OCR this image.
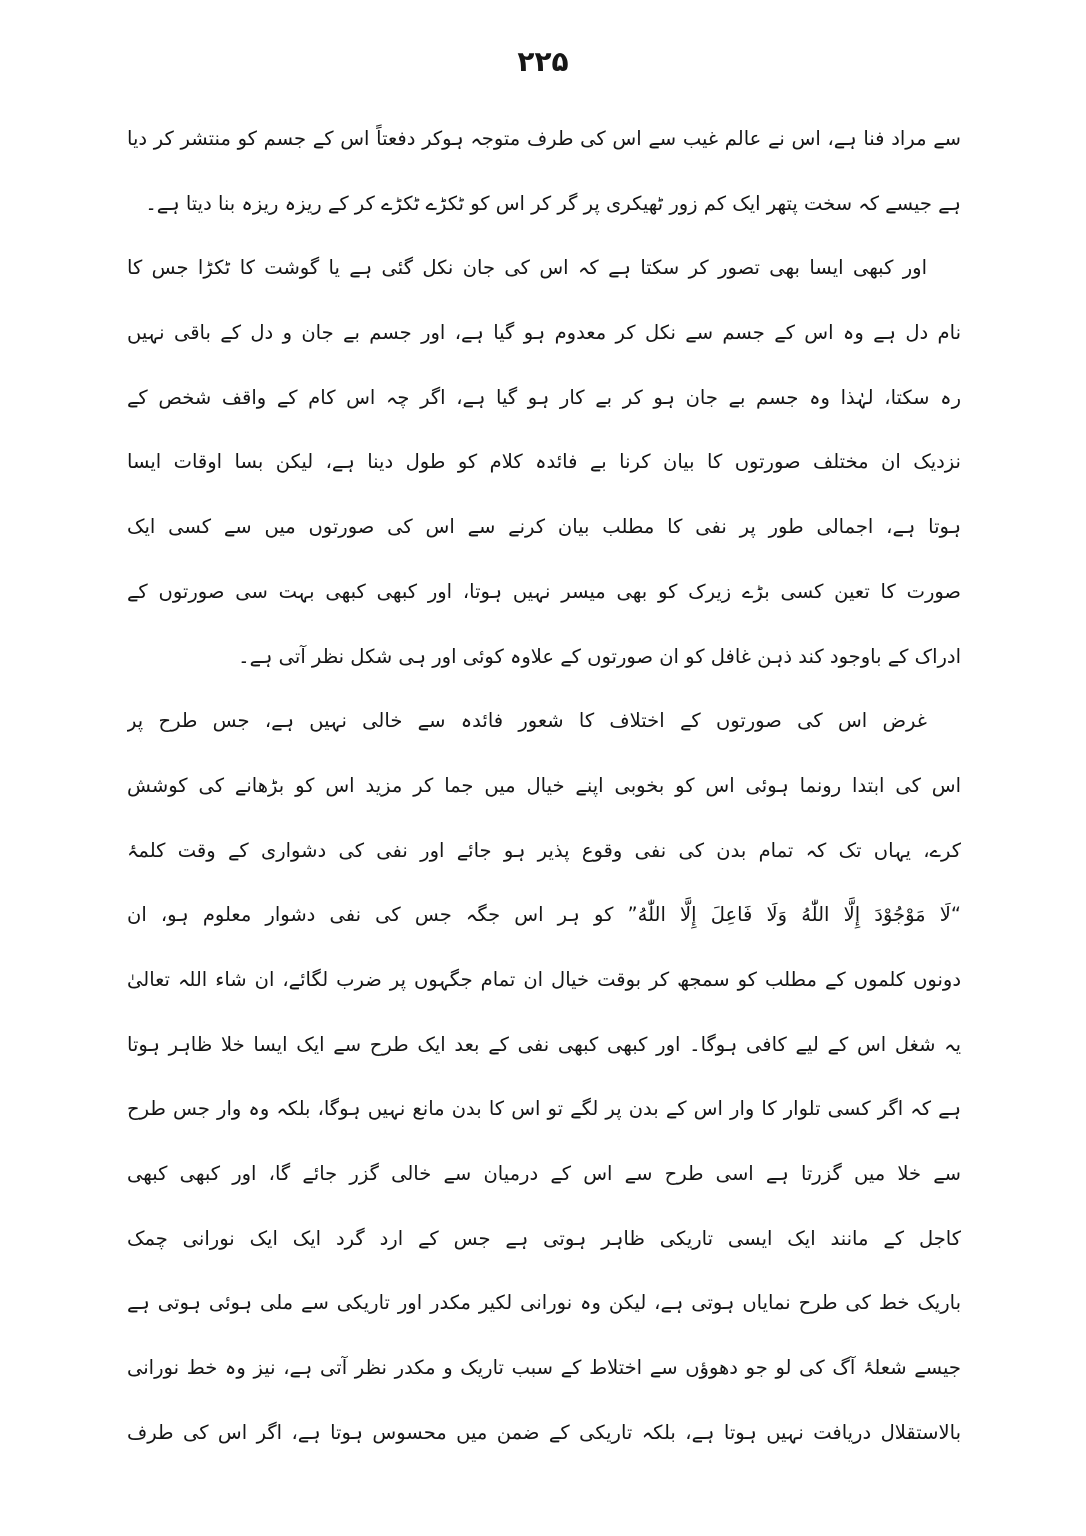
۲۲۵
سے مراد فنا ہے، اس نے عالم غیب سے اس کی طرف متوجہ ہوکر دفعتاً اس کے جسم کو منتشر کر دیا
ہے جیسے کہ سخت پتھر ایک کم زور ٹھیکری پر گر کر اس کو ٹکڑے ٹکڑے کر کے ریزہ ریزہ بنا دیتا ہے۔
اور کبھی ایسا بھی تصور کر سکتا ہے کہ اس کی جان نکل گئی ہے یا گوشت کا ٹکڑا جس کا
نام دل ہے وہ اس کے جسم سے نکل کر معدوم ہو گیا ہے، اور جسم بے جان و دل کے باقی نہیں
رہ سکتا، لہٰذا وہ جسم بے جان ہو کر بے کار ہو گیا ہے، اگر چہ اس کام کے واقف شخص کے
نزدیک ان مختلف صورتوں کا بیان کرنا بے فائدہ کلام کو طول دینا ہے، لیکن بسا اوقات ایسا
ہوتا ہے، اجمالی طور پر نفی کا مطلب بیان کرنے سے اس کی صورتوں میں سے کسی ایک
صورت کا تعین کسی بڑے زیرک کو بھی میسر نہیں ہوتا، اور کبھی کبھی بہت سی صورتوں کے
ادراک کے باوجود کند ذہن غافل کو ان صورتوں کے علاوہ کوئی اور ہی شکل نظر آتی ہے۔
غرض اس کی صورتوں کے اختلاف کا شعور فائدہ سے خالی نہیں ہے، جس طرح پر
اس کی ابتدا رونما ہوئی اس کو بخوبی اپنے خیال میں جما کر مزید اس کو بڑھانے کی کوشش
کرے، یہاں تک کہ تمام بدن کی نفی وقوع پذیر ہو جائے اور نفی کی دشواری کے وقت کلمۂ
“لَا مَوْجُوْدَ إِلَّا اللّٰهُ وَلَا فَاعِلَ إِلَّا اللّٰهُ” کو ہر اس جگہ جس کی نفی دشوار معلوم ہو، ان
دونوں کلموں کے مطلب کو سمجھ کر بوقت خیال ان تمام جگہوں پر ضرب لگائے، ان شاء اللہ تعالیٰ
یہ شغل اس کے لیے کافی ہوگا۔ اور کبھی کبھی نفی کے بعد ایک طرح سے ایک ایسا خلا ظاہر ہوتا
ہے کہ اگر کسی تلوار کا وار اس کے بدن پر لگے تو اس کا بدن مانع نہیں ہوگا، بلکہ وہ وار جس طرح
سے خلا میں گزرتا ہے اسی طرح سے اس کے درمیان سے خالی گزر جائے گا، اور کبھی کبھی
کاجل کے مانند ایک ایسی تاریکی ظاہر ہوتی ہے جس کے ارد گرد ایک ایک نورانی چمک
باریک خط کی طرح نمایاں ہوتی ہے، لیکن وہ نورانی لکیر مکدر اور تاریکی سے ملی ہوئی ہوتی ہے
جیسے شعلۂ آگ کی لو جو دھوؤں سے اختلاط کے سبب تاریک و مکدر نظر آتی ہے، نیز وہ خط نورانی
بالاستقلال دریافت نہیں ہوتا ہے، بلکہ تاریکی کے ضمن میں محسوس ہوتا ہے، اگر اس کی طرف
